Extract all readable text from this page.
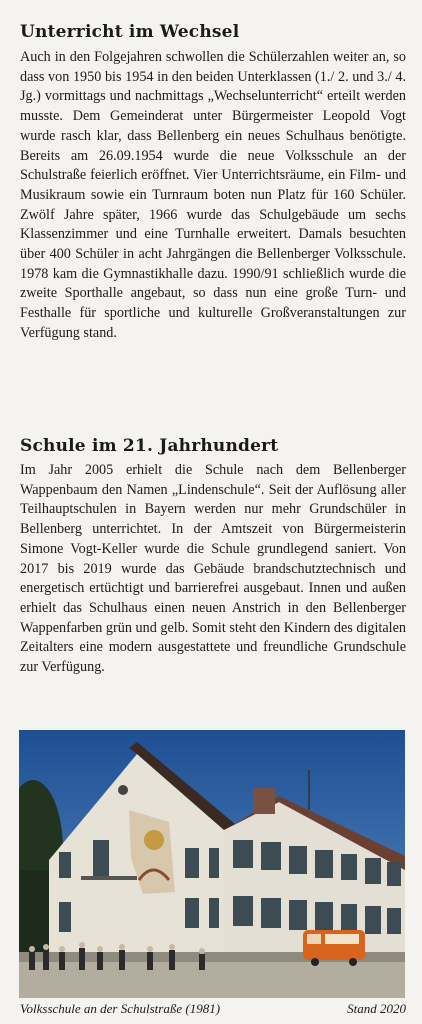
Unterricht im Wechsel

Auch in den Folgejahren schwollen die Schülerzahlen weiter an, so dass von 1950 bis 1954 in den beiden Unterklassen (1./ 2. und 3./ 4. Jg.) vormittags und nachmittags „Wechselunterricht“ erteilt werden musste. Dem Gemeinderat unter Bürgermeister Leopold Vogt wurde rasch klar, dass Bellenberg ein neues Schulhaus benötigte. Bereits am 26.09.1954 wurde die neue Volksschule an der Schulstraße feierlich eröffnet. Vier Unterrichtsräume, ein Film- und Musikraum sowie ein Turnraum boten nun Platz für 160 Schüler. Zwölf Jahre später, 1966 wurde das Schulgebäude um sechs Klassenzimmer und eine Turnhalle erweitert. Damals besuchten über 400 Schüler in acht Jahrgängen die Bellenberger Volksschule. 1978 kam die Gymnastikhalle dazu. 1990/91 schließlich wurde die zweite Sporthalle angebaut, so dass nun eine große Turn- und Festhalle für sportliche und kulturelle Großveranstaltungen zur Verfügung stand.

Schule im 21. Jahrhundert

Im Jahr 2005 erhielt die Schule nach dem Bellenberger Wappenbaum den Namen „Lindenschule“. Seit der Auflösung aller Teilhauptschulen in Bayern werden nur mehr Grundschüler in Bellenberg unterrichtet. In der Amtszeit von Bürgermeisterin Simone Vogt-Keller wurde die Schule grundlegend saniert. Von 2017 bis 2019 wurde das Gebäude brandschutztechnisch und energetisch ertüchtigt und barrierefrei ausgebaut. Innen und außen erhielt das Schulhaus einen neuen Anstrich in den Bellenberger Wappenfarben grün und gelb. Somit steht den Kindern des digitalen Zeitalters eine modern ausgestattete und freundliche Grundschule zur Verfügung.

Volksschule an der Schulstraße (1981)	Stand 2020
